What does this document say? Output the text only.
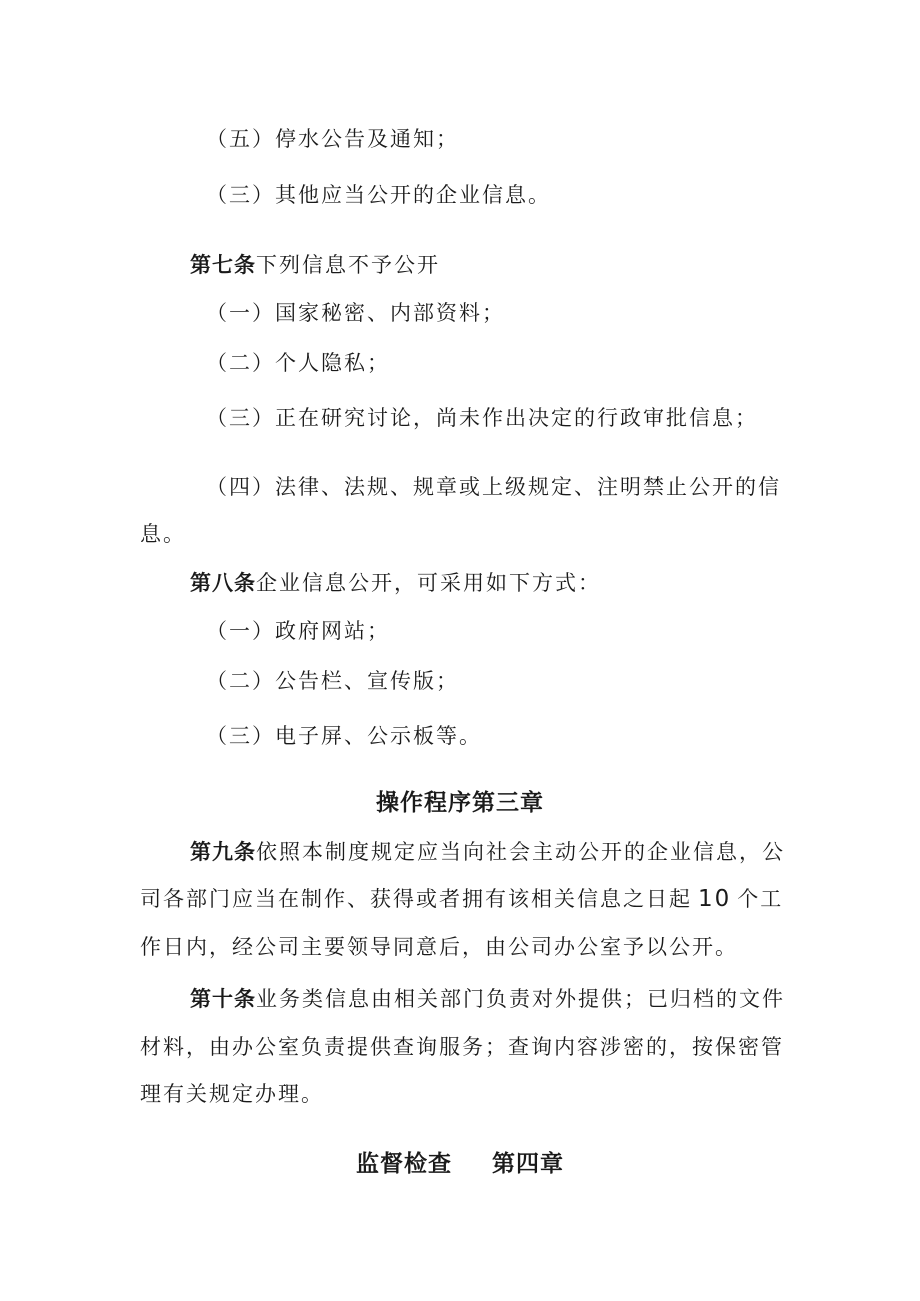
（五）停水公告及通知；
（三）其他应当公开的企业信息。
第七条下列信息不予公开
（一）国家秘密、内部资料；
（二）个人隐私；
（三）正在研究讨论，尚未作出决定的行政审批信息；
（四）法律、法规、规章或上级规定、注明禁止公开的信
息。
第八条企业信息公开，可采用如下方式：
（一）政府网站；
（二）公告栏、宣传版；
（三）电子屏、公示板等。
操作程序第三章
第九条依照本制度规定应当向社会主动公开的企业信息，公
司各部门应当在制作、获得或者拥有该相关信息之日起 10 个工
作日内，经公司主要领导同意后，由公司办公室予以公开。
第十条业务类信息由相关部门负责对外提供；已归档的文件
材料，由办公室负责提供查询服务；查询内容涉密的，按保密管
理有关规定办理。
监督检查 第四章
